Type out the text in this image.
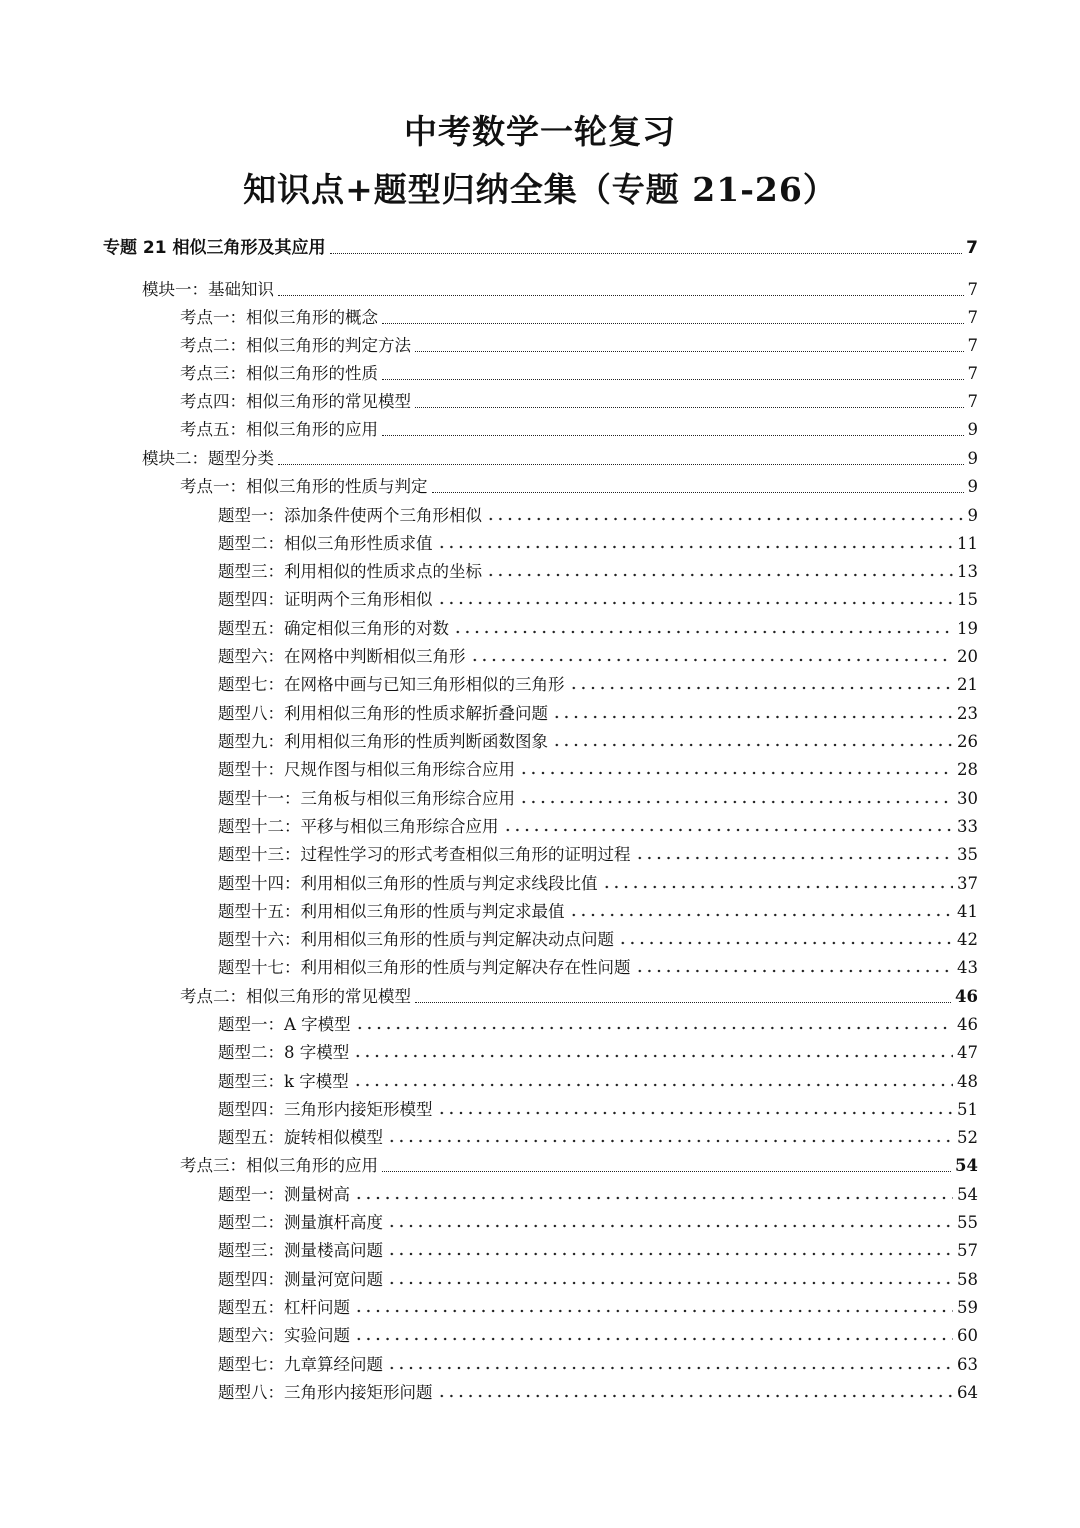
中考数学一轮复习
知识点+题型归纳全集（专题 21-26）
专题 21 相似三角形及其应用	7
模块一：基础知识	7
考点一：相似三角形的概念	7
考点二：相似三角形的判定方法	7
考点三：相似三角形的性质	7
考点四：相似三角形的常见模型	7
考点五：相似三角形的应用	9
模块二：题型分类	9
考点一：相似三角形的性质与判定	9
题型一：添加条件使两个三角形相似	9
题型二：相似三角形性质求值	11
题型三：利用相似的性质求点的坐标	13
题型四：证明两个三角形相似	15
题型五：确定相似三角形的对数	19
题型六：在网格中判断相似三角形	20
题型七：在网格中画与已知三角形相似的三角形	21
题型八：利用相似三角形的性质求解折叠问题	23
题型九：利用相似三角形的性质判断函数图象	26
题型十：尺规作图与相似三角形综合应用	28
题型十一：三角板与相似三角形综合应用	30
题型十二：平移与相似三角形综合应用	33
题型十三：过程性学习的形式考查相似三角形的证明过程	35
题型十四：利用相似三角形的性质与判定求线段比值	37
题型十五：利用相似三角形的性质与判定求最值	41
题型十六：利用相似三角形的性质与判定解决动点问题	42
题型十七：利用相似三角形的性质与判定解决存在性问题	43
考点二：相似三角形的常见模型	46
题型一：A 字模型	46
题型二：8 字模型	47
题型三：k 字模型	48
题型四：三角形内接矩形模型	51
题型五：旋转相似模型	52
考点三：相似三角形的应用	54
题型一：测量树高	54
题型二：测量旗杆高度	55
题型三：测量楼高问题	57
题型四：测量河宽问题	58
题型五：杠杆问题	59
题型六：实验问题	60
题型七：九章算经问题	63
题型八：三角形内接矩形问题	64
